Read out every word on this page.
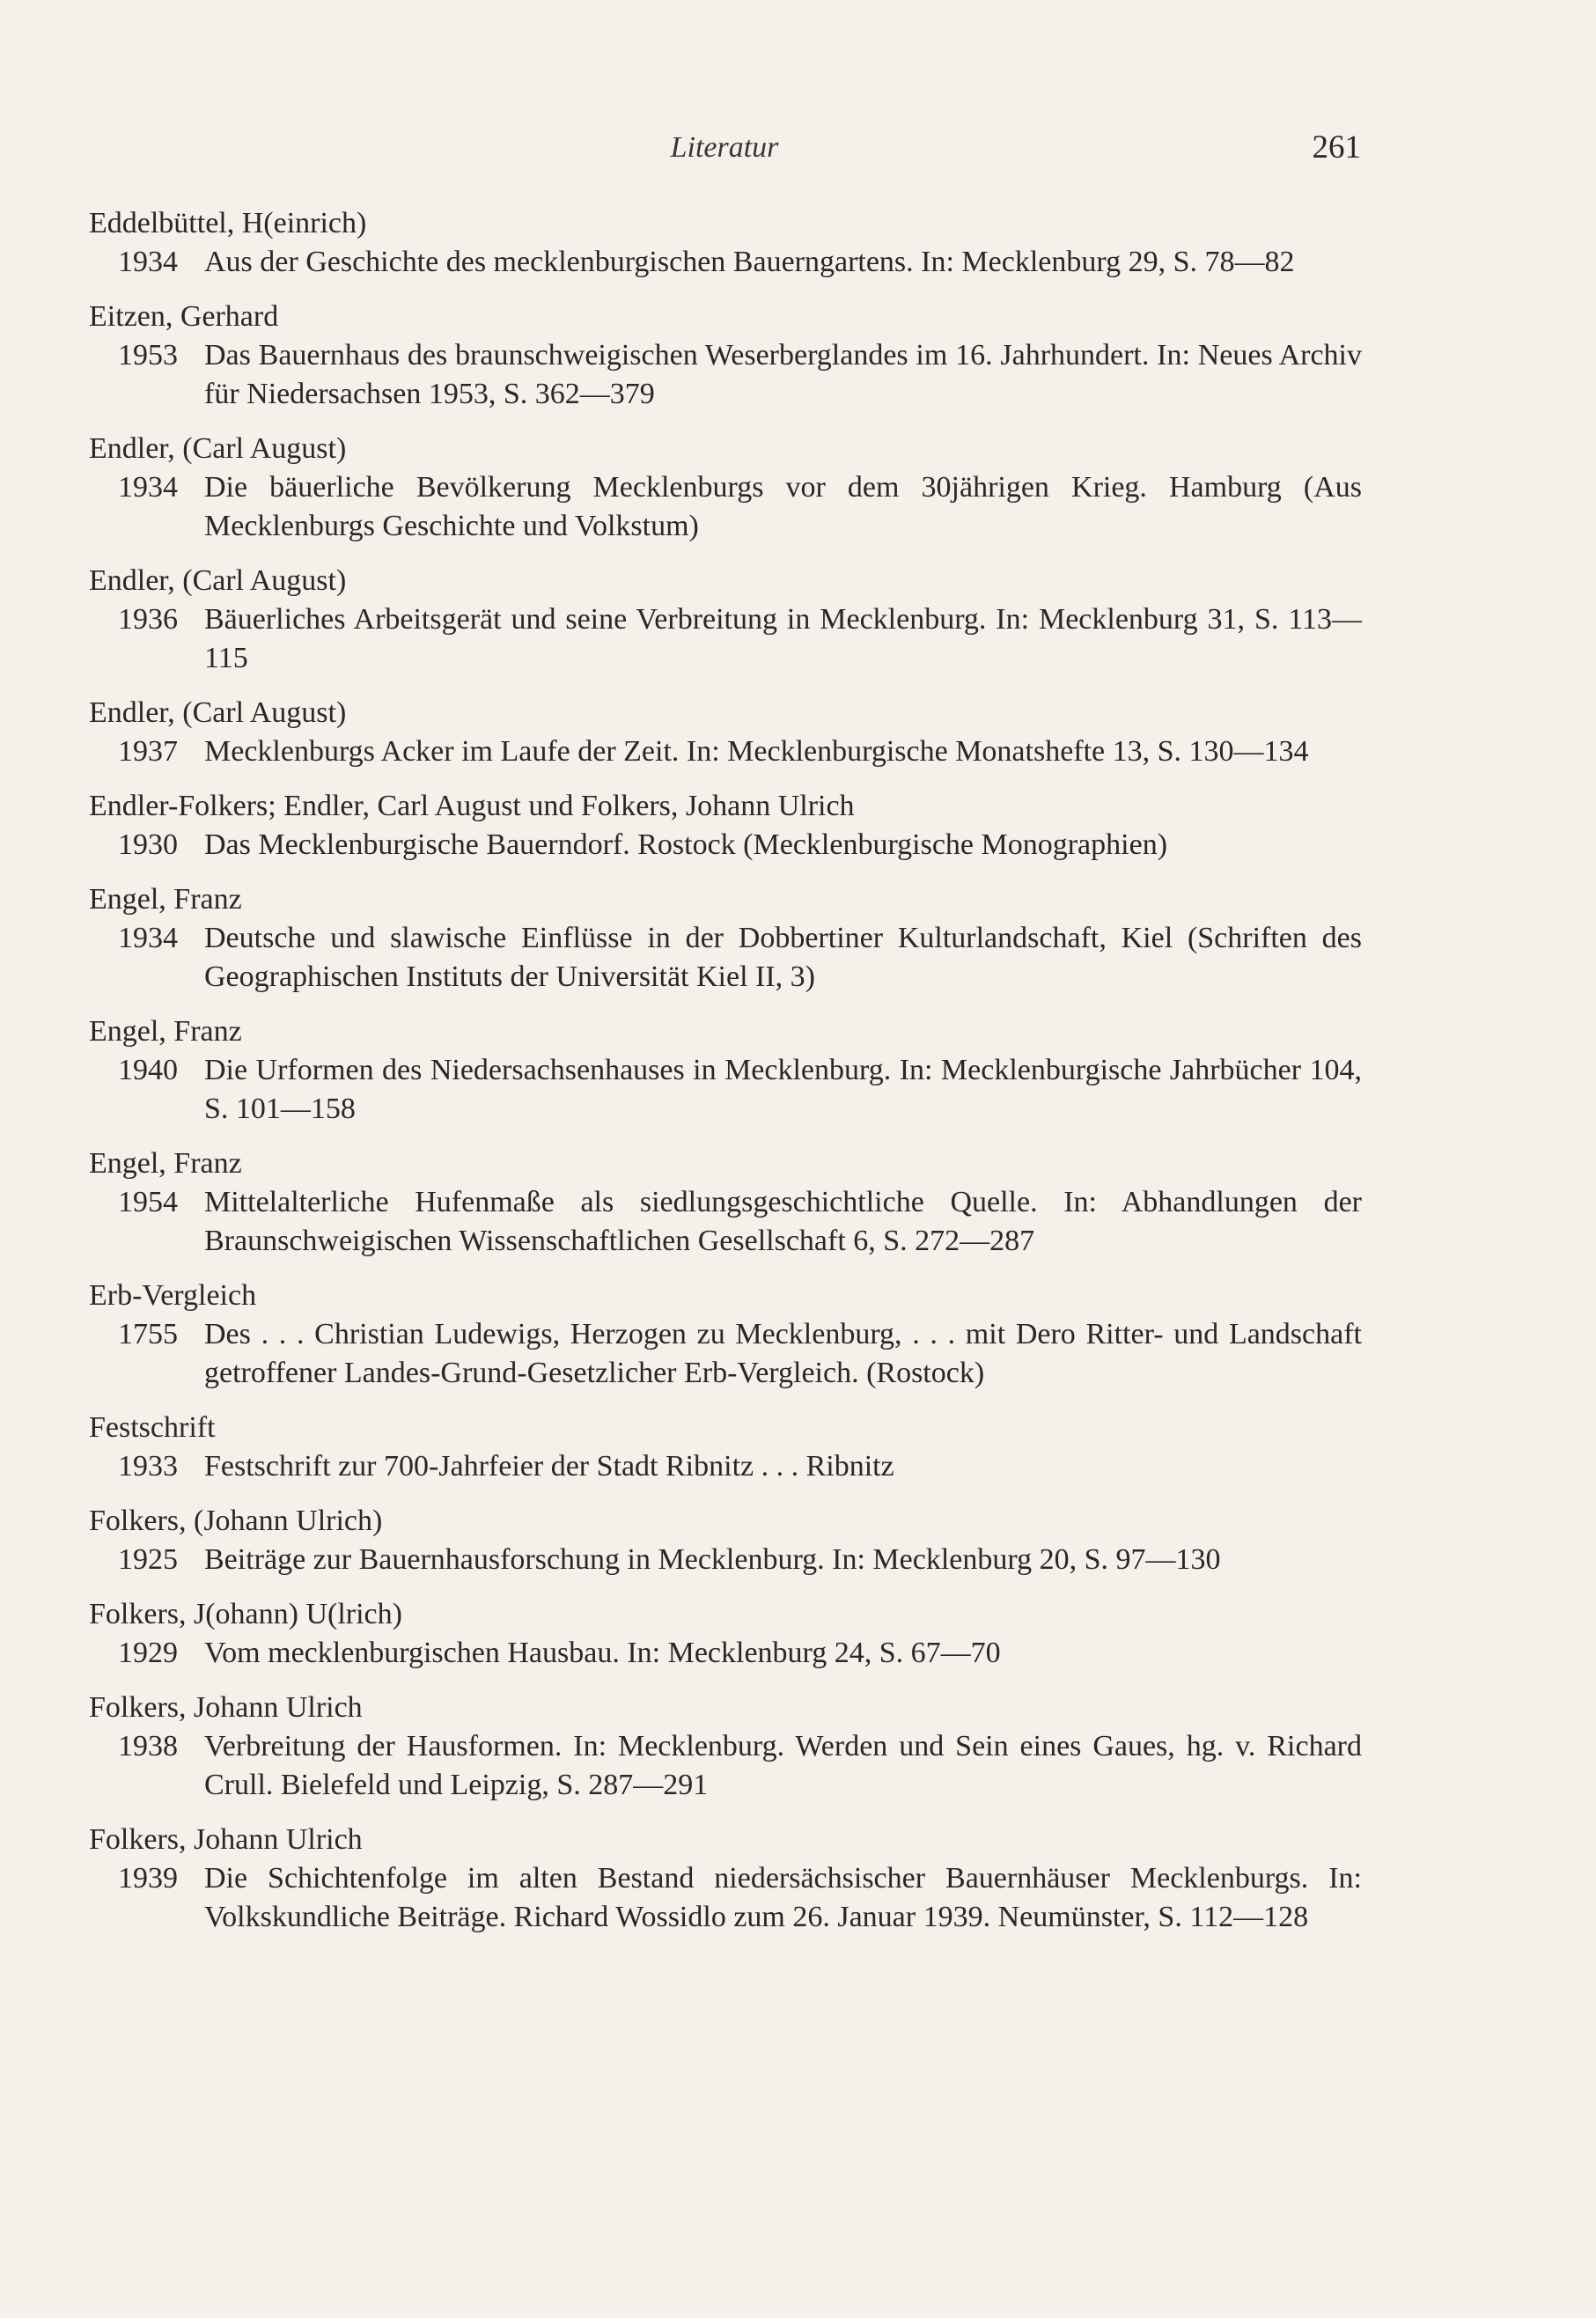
Literatur	261
Eddelbüttel, H(einrich)
1934 Aus der Geschichte des mecklenburgischen Bauerngartens. In: Mecklenburg 29, S. 78—82
Eitzen, Gerhard
1953 Das Bauernhaus des braunschweigischen Weserberglandes im 16. Jahrhundert. In: Neues Archiv für Niedersachsen 1953, S. 362—379
Endler, (Carl August)
1934 Die bäuerliche Bevölkerung Mecklenburgs vor dem 30jährigen Krieg. Hamburg (Aus Mecklenburgs Geschichte und Volkstum)
Endler, (Carl August)
1936 Bäuerliches Arbeitsgerät und seine Verbreitung in Mecklenburg. In: Mecklenburg 31, S. 113—115
Endler, (Carl August)
1937 Mecklenburgs Acker im Laufe der Zeit. In: Mecklenburgische Monatshefte 13, S. 130—134
Endler-Folkers; Endler, Carl August und Folkers, Johann Ulrich
1930 Das Mecklenburgische Bauerndorf. Rostock (Mecklenburgische Monographien)
Engel, Franz
1934 Deutsche und slawische Einflüsse in der Dobbertiner Kulturlandschaft, Kiel (Schriften des Geographischen Instituts der Universität Kiel II, 3)
Engel, Franz
1940 Die Urformen des Niedersachsenhauses in Mecklenburg. In: Mecklenburgische Jahrbücher 104, S. 101—158
Engel, Franz
1954 Mittelalterliche Hufenmaße als siedlungsgeschichtliche Quelle. In: Abhandlungen der Braunschweigischen Wissenschaftlichen Gesellschaft 6, S. 272—287
Erb-Vergleich
1755 Des . . . Christian Ludewigs, Herzogen zu Mecklenburg, . . . mit Dero Ritter- und Landschaft getroffener Landes-Grund-Gesetzlicher Erb-Vergleich. (Rostock)
Festschrift
1933 Festschrift zur 700-Jahrfeier der Stadt Ribnitz . . . Ribnitz
Folkers, (Johann Ulrich)
1925 Beiträge zur Bauernhausforschung in Mecklenburg. In: Mecklenburg 20, S. 97—130
Folkers, J(ohann) U(lrich)
1929 Vom mecklenburgischen Hausbau. In: Mecklenburg 24, S. 67—70
Folkers, Johann Ulrich
1938 Verbreitung der Hausformen. In: Mecklenburg. Werden und Sein eines Gaues, hg. v. Richard Crull. Bielefeld und Leipzig, S. 287—291
Folkers, Johann Ulrich
1939 Die Schichtenfolge im alten Bestand niedersächsischer Bauernhäuser Mecklenburgs. In: Volkskundliche Beiträge. Richard Wossidlo zum 26. Januar 1939. Neumünster, S. 112—128
